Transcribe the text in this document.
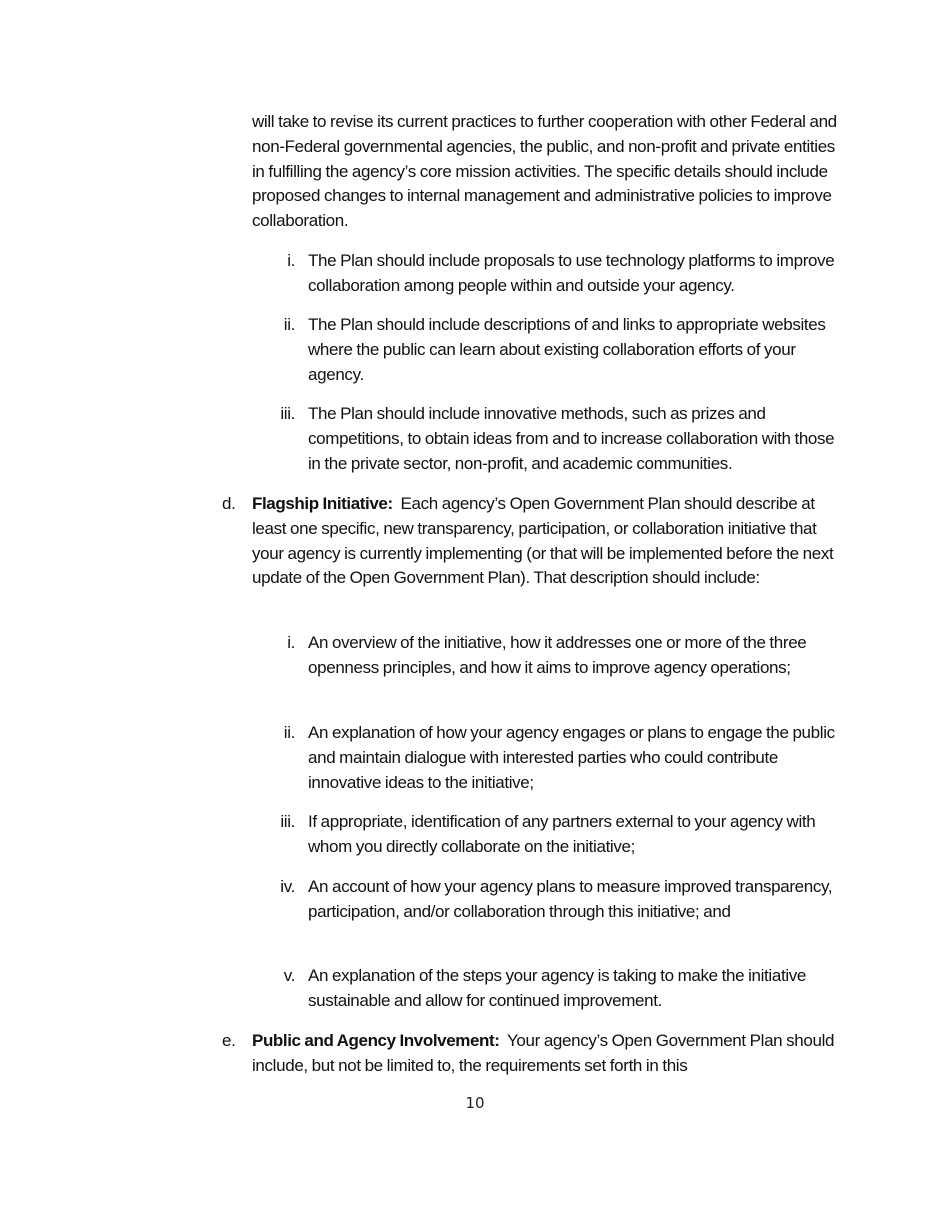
will take to revise its current practices to further cooperation with other Federal and non-Federal governmental agencies, the public, and non-profit and private entities in fulfilling the agency’s core mission activities. The specific details should include proposed changes to internal management and administrative policies to improve collaboration.
i. The Plan should include proposals to use technology platforms to improve collaboration among people within and outside your agency.
ii. The Plan should include descriptions of and links to appropriate websites where the public can learn about existing collaboration efforts of your agency.
iii. The Plan should include innovative methods, such as prizes and competitions, to obtain ideas from and to increase collaboration with those in the private sector, non-profit, and academic communities.
d. Flagship Initiative: Each agency’s Open Government Plan should describe at least one specific, new transparency, participation, or collaboration initiative that your agency is currently implementing (or that will be implemented before the next update of the Open Government Plan). That description should include:
i. An overview of the initiative, how it addresses one or more of the three openness principles, and how it aims to improve agency operations;
ii. An explanation of how your agency engages or plans to engage the public and maintain dialogue with interested parties who could contribute innovative ideas to the initiative;
iii. If appropriate, identification of any partners external to your agency with whom you directly collaborate on the initiative;
iv. An account of how your agency plans to measure improved transparency, participation, and/or collaboration through this initiative; and
v. An explanation of the steps your agency is taking to make the initiative sustainable and allow for continued improvement.
e. Public and Agency Involvement: Your agency’s Open Government Plan should include, but not be limited to, the requirements set forth in this
10
